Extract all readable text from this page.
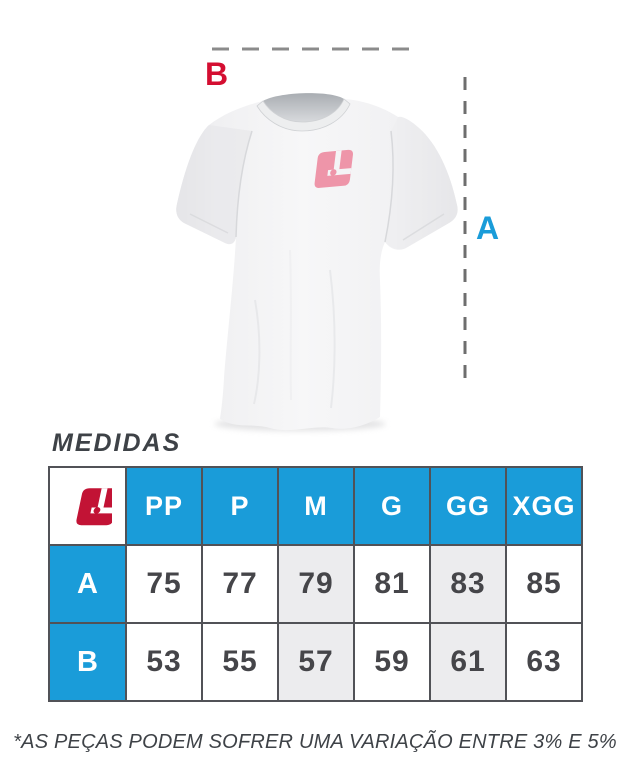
B
A
MEDIDAS
	PP	P	M	G	GG	XGG
A	75	77	79	81	83	85
B	53	55	57	59	61	63
*AS PEÇAS PODEM SOFRER UMA VARIAÇÃO ENTRE 3% E 5%
